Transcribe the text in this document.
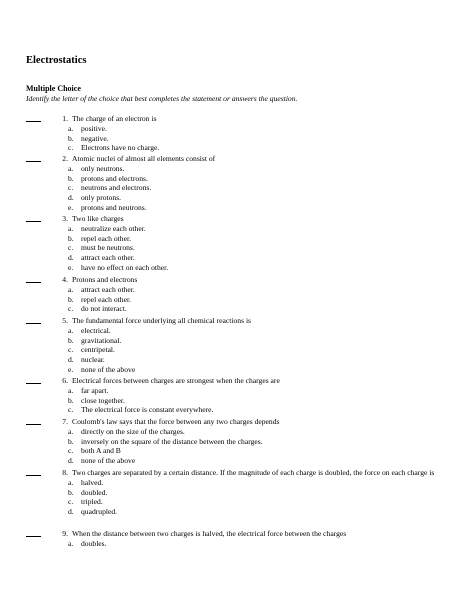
Electrostatics
Multiple Choice
Identify the letter of the choice that best completes the statement or answers the question.
1. The charge of an electron is
a.	positive.
b. negative.
c.	Electrons have no charge.
2. Atomic nuclei of almost all elements consist of
a.	only neutrons.
b. protons and electrons.
c.	neutrons and electrons.
d. only protons.
e.	protons and neutrons.
3. Two like charges
a.	neutralize each other.
b. repel each other.
c.	must be neutrons.
d. attract each other.
e.	have no effect on each other.
4. Protons and electrons
a.	attract each other.
b. repel each other.
c.	do not interact.
5. The fundamental force underlying all chemical reactions is
a.	electrical.
b. gravitational.
c.	centripetal.
d. nuclear.
e.	none of the above
6. Electrical forces between charges are strongest when the charges are
a.	far apart.
b. close together.
c.	The electrical force is constant everywhere.
7. Coulomb's law says that the force between any two charges depends
a.	directly on the size of the charges.
b. inversely on the square of the distance between the charges.
c.	both A and B
d. none of the above
8. Two charges are separated by a certain distance. If the magnitude of each charge is doubled, the force on each charge is
a.	halved.
b. doubled.
c.	tripled.
d. quadrupled.
9. When the distance between two charges is halved, the electrical force between the charges
a.	doubles.
